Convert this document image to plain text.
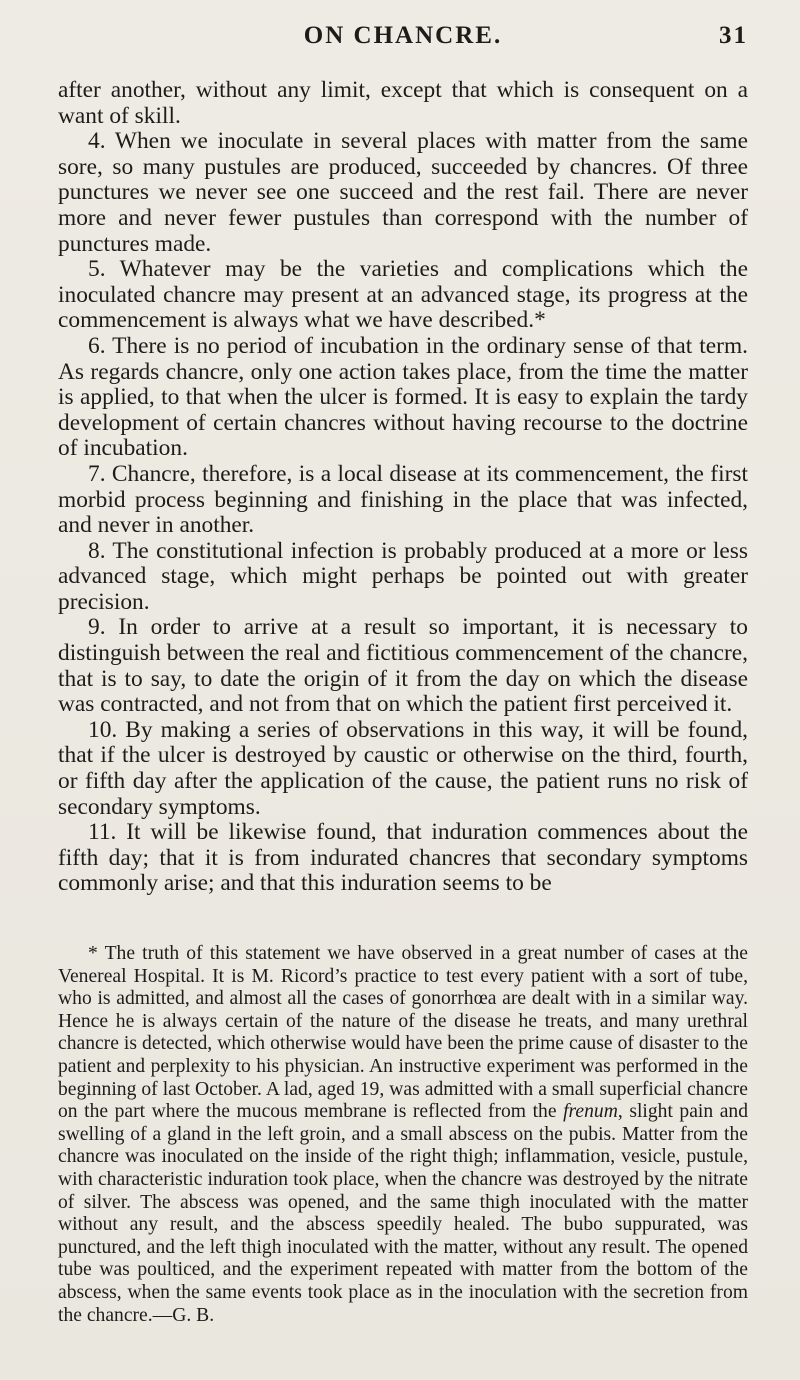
ON CHANCRE.	31

after another, without any limit, except that which is consequent on a want of skill.

4. When we inoculate in several places with matter from the same sore, so many pustules are produced, succeeded by chancres. Of three punctures we never see one succeed and the rest fail. There are never more and never fewer pustules than correspond with the number of punctures made.

5. Whatever may be the varieties and complications which the inoculated chancre may present at an advanced stage, its progress at the commencement is always what we have described.*

6. There is no period of incubation in the ordinary sense of that term. As regards chancre, only one action takes place, from the time the matter is applied, to that when the ulcer is formed. It is easy to explain the tardy development of certain chancres without having recourse to the doctrine of incubation.

7. Chancre, therefore, is a local disease at its commencement, the first morbid process beginning and finishing in the place that was infected, and never in another.

8. The constitutional infection is probably produced at a more or less advanced stage, which might perhaps be pointed out with greater precision.

9. In order to arrive at a result so important, it is necessary to distinguish between the real and fictitious commencement of the chancre, that is to say, to date the origin of it from the day on which the disease was contracted, and not from that on which the patient first perceived it.

10. By making a series of observations in this way, it will be found, that if the ulcer is destroyed by caustic or otherwise on the third, fourth, or fifth day after the application of the cause, the patient runs no risk of secondary symptoms.

11. It will be likewise found, that induration commences about the fifth day; that it is from indurated chancres that secondary symptoms commonly arise; and that this induration seems to be

* The truth of this statement we have observed in a great number of cases at the Venereal Hospital. It is M. Ricord’s practice to test every patient with a sort of tube, who is admitted, and almost all the cases of gonorrhœa are dealt with in a similar way. Hence he is always certain of the nature of the disease he treats, and many urethral chancre is detected, which otherwise would have been the prime cause of disaster to the patient and perplexity to his physician. An instructive experiment was performed in the beginning of last October. A lad, aged 19, was admitted with a small superficial chancre on the part where the mucous membrane is reflected from the frenum, slight pain and swelling of a gland in the left groin, and a small abscess on the pubis. Matter from the chancre was inoculated on the inside of the right thigh; inflammation, vesicle, pustule, with characteristic induration took place, when the chancre was destroyed by the nitrate of silver. The abscess was opened, and the same thigh inoculated with the matter without any result, and the abscess speedily healed. The bubo suppurated, was punctured, and the left thigh inoculated with the matter, without any result. The opened tube was poulticed, and the experiment repeated with matter from the bottom of the abscess, when the same events took place as in the inoculation with the secretion from the chancre.—G. B.
